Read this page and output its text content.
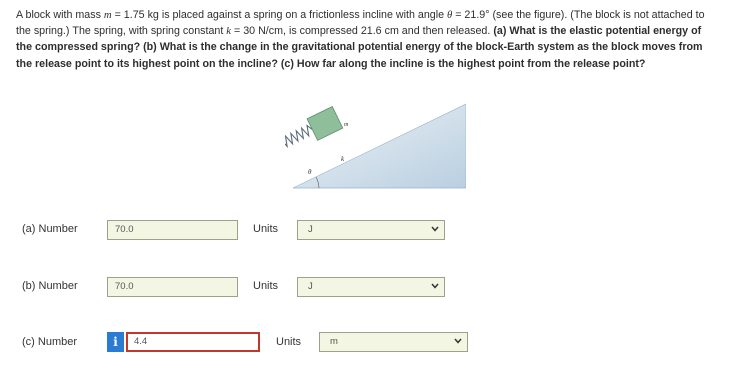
A block with mass m = 1.75 kg is placed against a spring on a frictionless incline with angle θ = 21.9° (see the figure). (The block is not attached to the spring.) The spring, with spring constant k = 30 N/cm, is compressed 21.6 cm and then released. (a) What is the elastic potential energy of the compressed spring? (b) What is the change in the gravitational potential energy of the block-Earth system as the block moves from the release point to its highest point on the incline? (c) How far along the incline is the highest point from the release point?
m
k
θ
(a) Number	70.0	Units	J
(b) Number	70.0	Units	J
(c) Number	i	4.4	Units	m
